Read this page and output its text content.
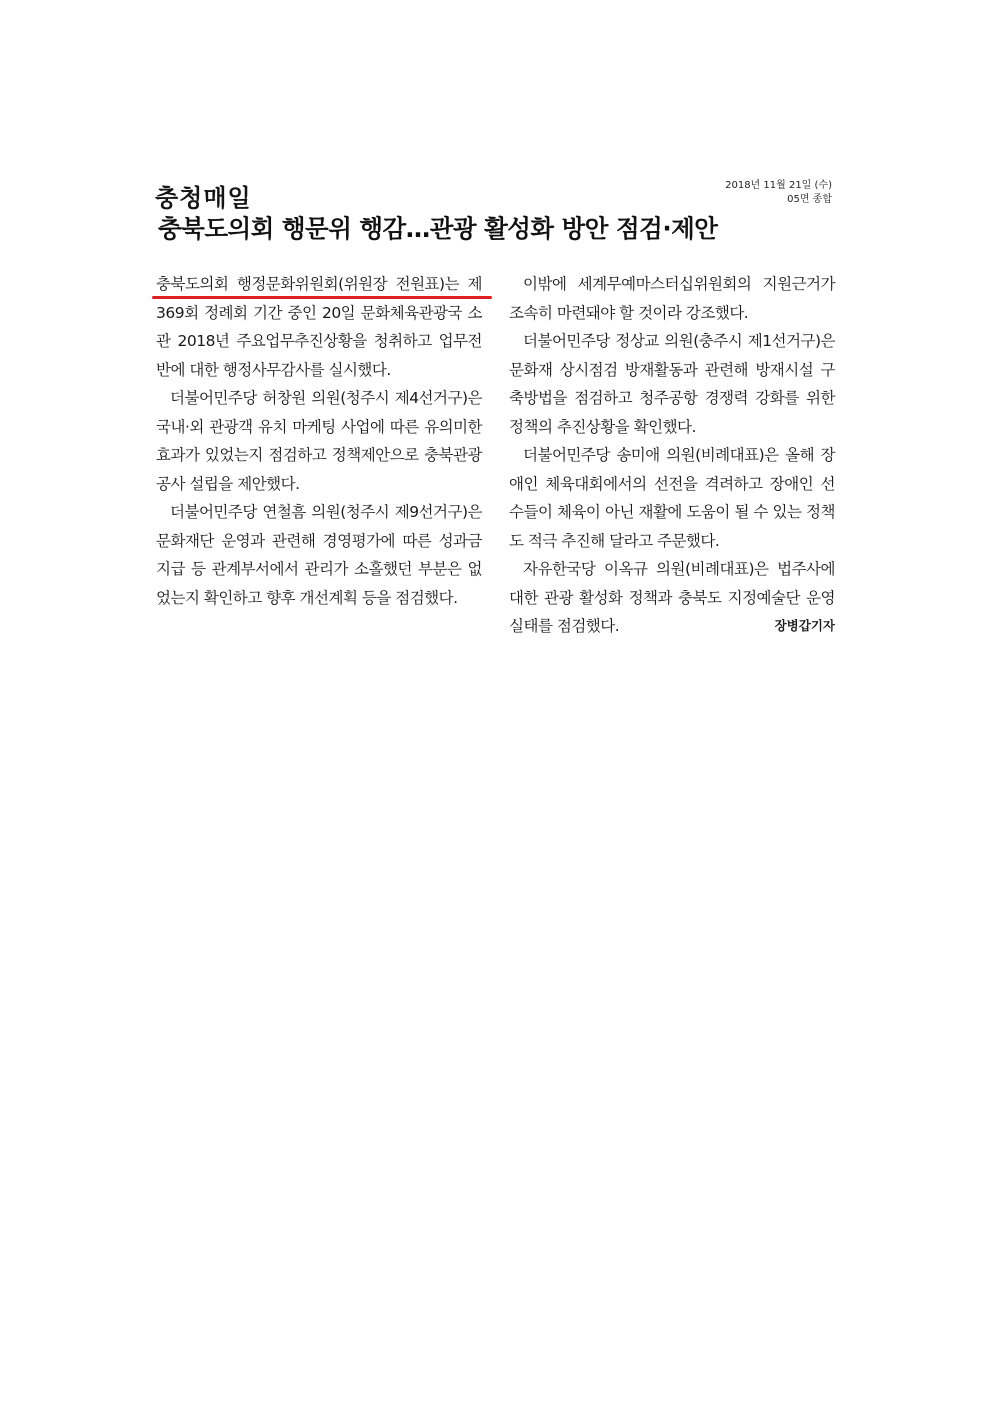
충청매일	2018년 11월 21일 (수)
05면 종합
충북도의회 행문위 행감…관광 활성화 방안 점검·제안

충북도의회 행정문화위원회(위원장 전원표)는 제369회 정례회 기간 중인 20일 문화체육관광국 소관 2018년 주요업무추진상황을 청취하고 업무전반에 대한 행정사무감사를 실시했다.

더불어민주당 허창원 의원(청주시 제4선거구)은 국내·외 관광객 유치 마케팅 사업에 따른 유의미한 효과가 있었는지 점검하고 정책제안으로 충북관광공사 설립을 제안했다.

더불어민주당 연철흠 의원(청주시 제9선거구)은 문화재단 운영과 관련해 경영평가에 따른 성과금 지급 등 관계부서에서 관리가 소홀했던 부분은 없었는지 확인하고 향후 개선계획 등을 점검했다.

이밖에 세계무예마스터십위원회의 지원근거가 조속히 마련돼야 할 것이라 강조했다.

더불어민주당 정상교 의원(충주시 제1선거구)은 문화재 상시점검 방재활동과 관련해 방재시설 구축방법을 점검하고 청주공항 경쟁력 강화를 위한 정책의 추진상황을 확인했다.

더불어민주당 송미애 의원(비례대표)은 올해 장애인 체육대회에서의 선전을 격려하고 장애인 선수들이 체육이 아닌 재활에 도움이 될 수 있는 정책도 적극 추진해 달라고 주문했다.

자유한국당 이옥규 의원(비례대표)은 법주사에 대한 관광 활성화 정책과 충북도 지정예술단 운영 실태를 점검했다.	장병갑기자
